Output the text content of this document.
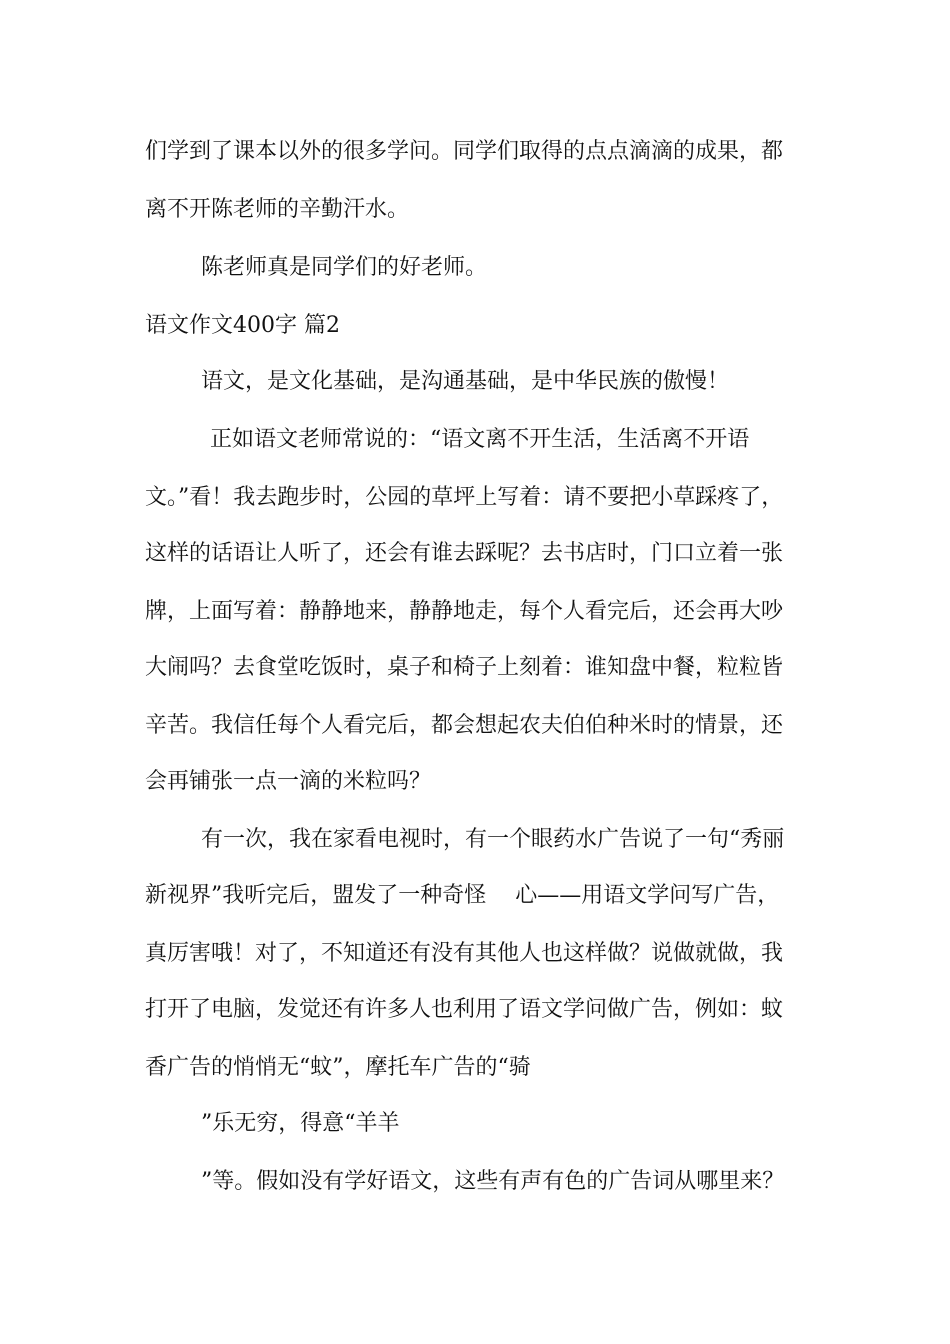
们学到了课本以外的很多学问。同学们取得的点点滴滴的成果，都
离不开陈老师的辛勤汗水。
陈老师真是同学们的好老师。
语文作文400字 篇2
语文，是文化基础，是沟通基础，是中华民族的傲慢！
正如语文老师常说的：“语文离不开生活，生活离不开语
文。”看！我去跑步时，公园的草坪上写着：请不要把小草踩疼了，
这样的话语让人听了，还会有谁去踩呢？去书店时，门口立着一张
牌，上面写着：静静地来，静静地走，每个人看完后，还会再大吵
大闹吗？去食堂吃饭时，桌子和椅子上刻着：谁知盘中餐，粒粒皆
辛苦。我信任每个人看完后，都会想起农夫伯伯种米时的情景，还
会再铺张一点一滴的米粒吗？
有一次，我在家看电视时，有一个眼药水广告说了一句“秀丽
新视界”我听完后，盟发了一种奇怪　 心——用语文学问写广告，
真厉害哦！对了，不知道还有没有其他人也这样做？说做就做，我
打开了电脑，发觉还有许多人也利用了语文学问做广告，例如：蚊
香广告的悄悄无“蚊”，摩托车广告的“骑
”乐无穷，得意“羊羊
”等。假如没有学好语文，这些有声有色的广告词从哪里来？
